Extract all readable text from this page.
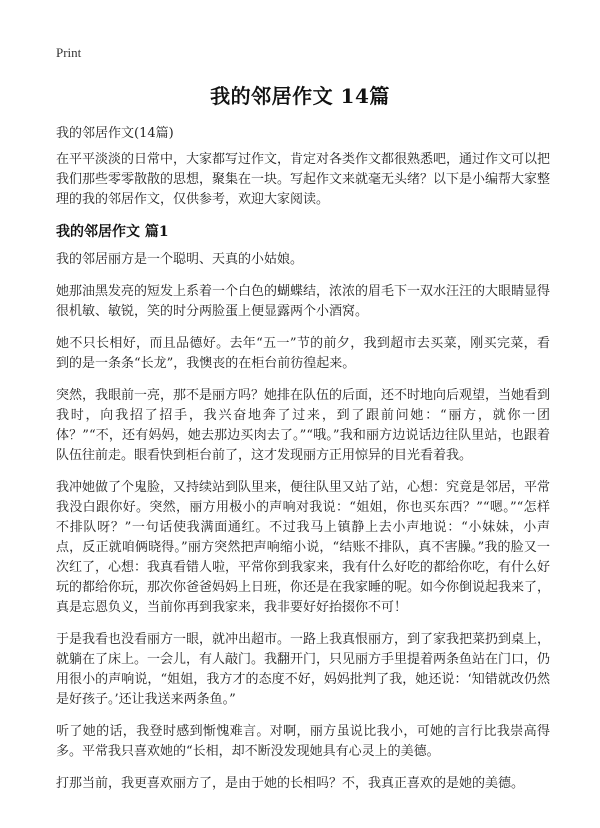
Print
我的邻居作文 14篇
我的邻居作文(14篇)

在平平淡淡的日常中，大家都写过作文，肯定对各类作文都很熟悉吧，通过作文可以把我们那些零零散散的思想，聚集在一块。写起作文来就毫无头绪？以下是小编帮大家整理的我的邻居作文，仅供参考，欢迎大家阅读。

我的邻居作文 篇1

我的邻居丽方是一个聪明、天真的小姑娘。

她那油黑发亮的短发上系着一个白色的蝴蝶结，浓浓的眉毛下一双水汪汪的大眼睛显得很机敏、敏锐，笑的时分两脸蛋上便显露两个小酒窝。

她不只长相好，而且品德好。去年“五一”节的前夕，我到超市去买菜，刚买完菜，看到的是一条条“长龙”，我懊丧的在柜台前彷徨起来。

突然，我眼前一亮，那不是丽方吗？她排在队伍的后面，还不时地向后观望，当她看到我时，向我招了招手，我兴奋地奔了过来，到了跟前问她：“丽方，就你一团体？”“不，还有妈妈，她去那边买肉去了。”“哦。”我和丽方边说话边往队里站，也跟着队伍往前走。眼看快到柜台前了，这才发现丽方正用惊异的目光看着我。

我冲她做了个鬼脸，又持续站到队里来，便往队里又站了站，心想：究竟是邻居，平常我没白跟你好。突然，丽方用极小的声响对我说：“姐姐，你也买东西？”“嗯。”“怎样不排队呀？”一句话使我满面通红。不过我马上镇静上去小声地说：“小妹妹，小声点，反正就咱俩晓得。”丽方突然把声响缩小说，“结账不排队，真不害臊。”我的脸又一次红了，心想：我真看错人啦，平常你到我家来，我有什么好吃的都给你吃，有什么好玩的都给你玩，那次你爸爸妈妈上日班，你还是在我家睡的呢。如今你倒说起我来了，真是忘恩负义，当前你再到我家来，我非要好好抬掇你不可！

于是我看也没看丽方一眼，就冲出超市。一路上我真恨丽方，到了家我把菜扔到桌上，就躺在了床上。一会儿，有人敲门。我翻开门，只见丽方手里提着两条鱼站在门口，仍用很小的声响说，“姐姐，我方才的态度不好，妈妈批判了我，她还说：‘知错就改仍然是好孩子。’还让我送来两条鱼。”

听了她的话，我登时感到惭愧难言。对啊，丽方虽说比我小，可她的言行比我崇高得多。平常我只喜欢她的“长相，却不断没发现她具有心灵上的美德。

打那当前，我更喜欢丽方了，是由于她的长相吗？不，我真正喜欢的是她的美德。
